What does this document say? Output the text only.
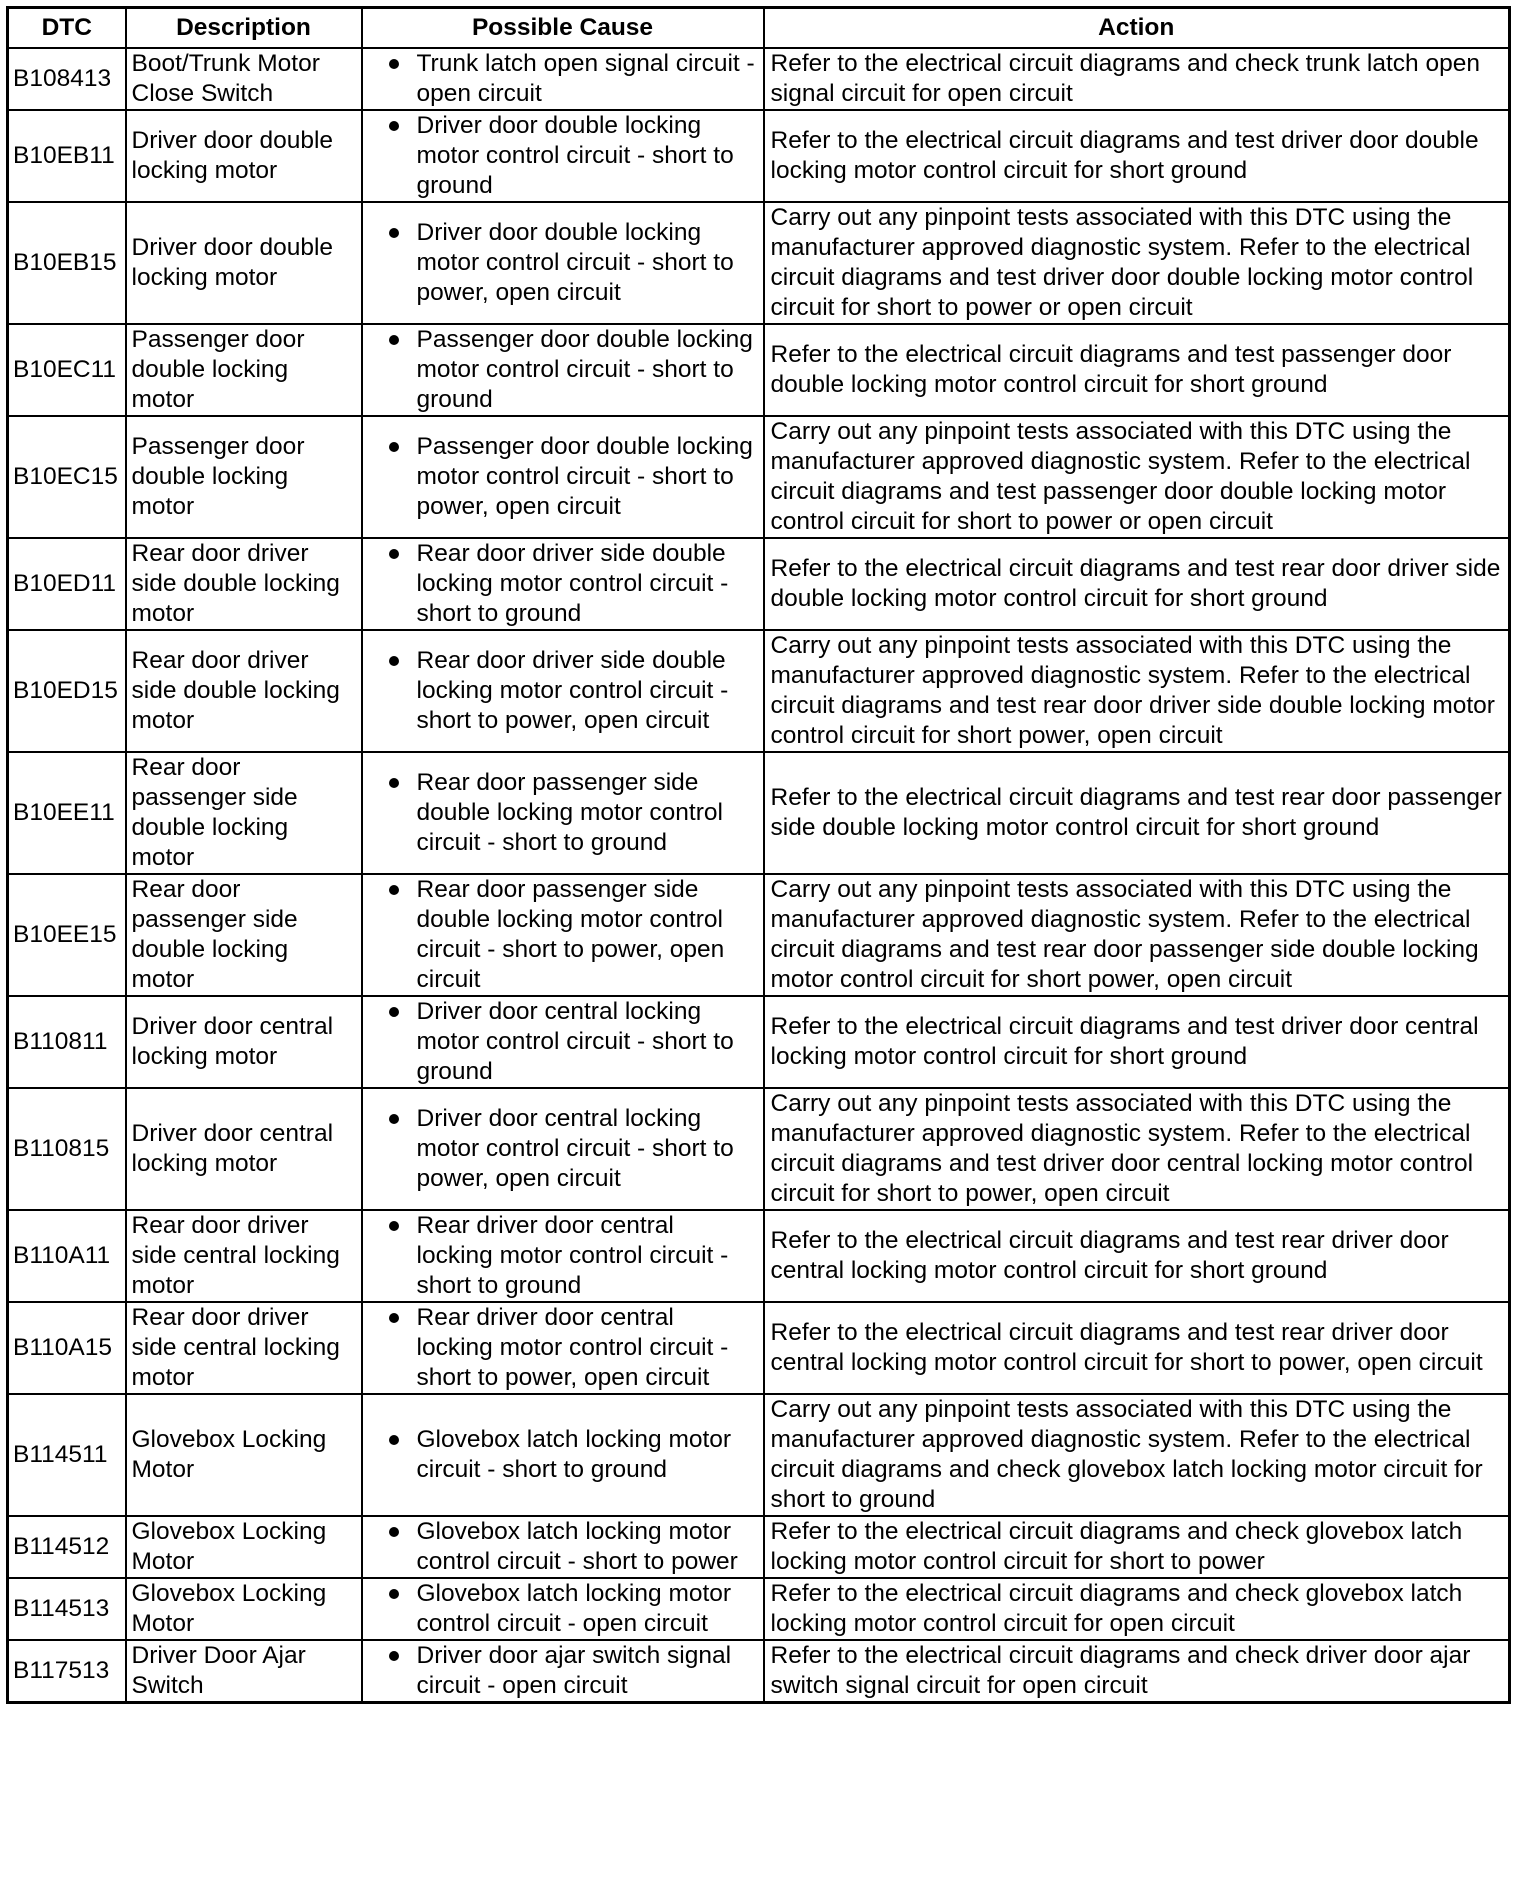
DTC	Description	Possible Cause	Action
B108413	Boot/Trunk Motor Close Switch	Trunk latch open signal circuit - open circuit	Refer to the electrical circuit diagrams and check trunk latch open signal circuit for open circuit
B10EB11	Driver door double locking motor	Driver door double locking motor control circuit - short to ground	Refer to the electrical circuit diagrams and test driver door double locking motor control circuit for short ground
B10EB15	Driver door double locking motor	Driver door double locking motor control circuit - short to power, open circuit	Carry out any pinpoint tests associated with this DTC using the manufacturer approved diagnostic system. Refer to the electrical circuit diagrams and test driver door double locking motor control circuit for short to power or open circuit
B10EC11	Passenger door double locking motor	Passenger door double locking motor control circuit - short to ground	Refer to the electrical circuit diagrams and test passenger door double locking motor control circuit for short ground
B10EC15	Passenger door double locking motor	Passenger door double locking motor control circuit - short to power, open circuit	Carry out any pinpoint tests associated with this DTC using the manufacturer approved diagnostic system. Refer to the electrical circuit diagrams and test passenger door double locking motor control circuit for short to power or open circuit
B10ED11	Rear door driver side double locking motor	Rear door driver side double locking motor control circuit - short to ground	Refer to the electrical circuit diagrams and test rear door driver side double locking motor control circuit for short ground
B10ED15	Rear door driver side double locking motor	Rear door driver side double locking motor control circuit - short to power, open circuit	Carry out any pinpoint tests associated with this DTC using the manufacturer approved diagnostic system. Refer to the electrical circuit diagrams and test rear door driver side double locking motor control circuit for short power, open circuit
B10EE11	Rear door passenger side double locking motor	Rear door passenger side double locking motor control circuit - short to ground	Refer to the electrical circuit diagrams and test rear door passenger side double locking motor control circuit for short ground
B10EE15	Rear door passenger side double locking motor	Rear door passenger side double locking motor control circuit - short to power, open circuit	Carry out any pinpoint tests associated with this DTC using the manufacturer approved diagnostic system. Refer to the electrical circuit diagrams and test rear door passenger side double locking motor control circuit for short power, open circuit
B110811	Driver door central locking motor	Driver door central locking motor control circuit - short to ground	Refer to the electrical circuit diagrams and test driver door central locking motor control circuit for short ground
B110815	Driver door central locking motor	Driver door central locking motor control circuit - short to power, open circuit	Carry out any pinpoint tests associated with this DTC using the manufacturer approved diagnostic system. Refer to the electrical circuit diagrams and test driver door central locking motor control circuit for short to power, open circuit
B110A11	Rear door driver side central locking motor	Rear driver door central locking motor control circuit - short to ground	Refer to the electrical circuit diagrams and test rear driver door central locking motor control circuit for short ground
B110A15	Rear door driver side central locking motor	Rear driver door central locking motor control circuit - short to power, open circuit	Refer to the electrical circuit diagrams and test rear driver door central locking motor control circuit for short to power, open circuit
B114511	Glovebox Locking Motor	Glovebox latch locking motor circuit - short to ground	Carry out any pinpoint tests associated with this DTC using the manufacturer approved diagnostic system. Refer to the electrical circuit diagrams and check glovebox latch locking motor circuit for short to ground
B114512	Glovebox Locking Motor	Glovebox latch locking motor control circuit - short to power	Refer to the electrical circuit diagrams and check glovebox latch locking motor control circuit for short to power
B114513	Glovebox Locking Motor	Glovebox latch locking motor control circuit - open circuit	Refer to the electrical circuit diagrams and check glovebox latch locking motor control circuit for open circuit
B117513	Driver Door Ajar Switch	Driver door ajar switch signal circuit - open circuit	Refer to the electrical circuit diagrams and check driver door ajar switch signal circuit for open circuit
